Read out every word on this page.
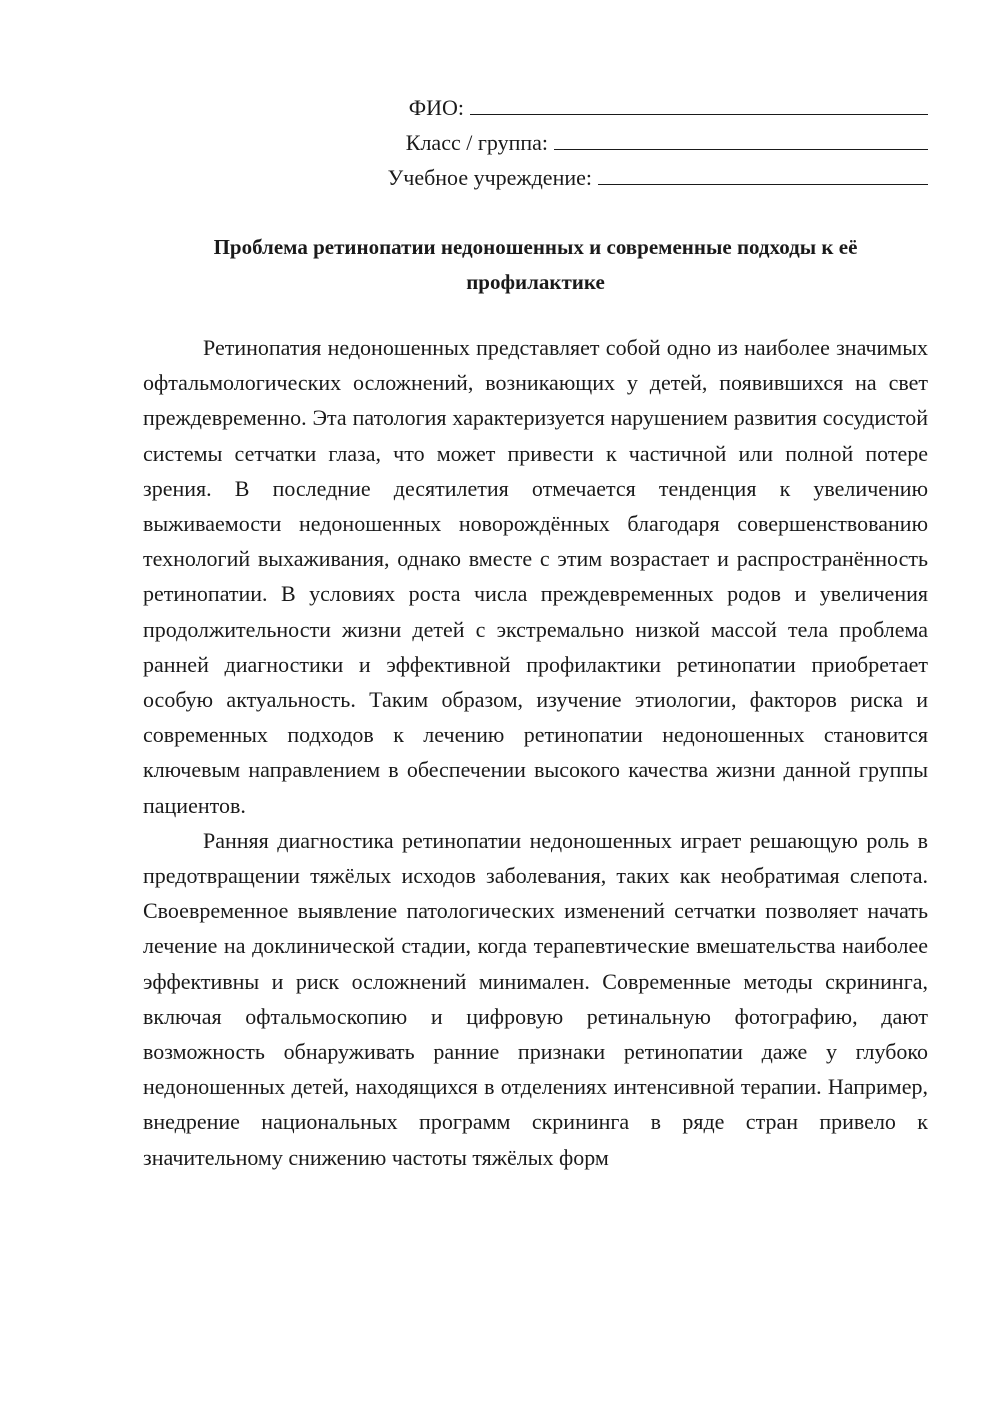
ФИО:
Класс / группа:
Учебное учреждение:
Проблема ретинопатии недоношенных и современные подходы к её
профилактике

Ретинопатия недоношенных представляет собой одно из наиболее значимых офтальмологических осложнений, возникающих у детей, появившихся на свет преждевременно. Эта патология характеризуется нарушением развития сосудистой системы сетчатки глаза, что может привести к частичной или полной потере зрения. В последние десятилетия отмечается тенденция к увеличению выживаемости недоношенных новорождённых благодаря совершенствованию технологий выхаживания, однако вместе с этим возрастает и распространённость ретинопатии. В условиях роста числа преждевременных родов и увеличения продолжительности жизни детей с экстремально низкой массой тела проблема ранней диагностики и эффективной профилактики ретинопатии приобретает особую актуальность. Таким образом, изучение этиологии, факторов риска и современных подходов к лечению ретинопатии недоношенных становится ключевым направлением в обеспечении высокого качества жизни данной группы пациентов.

Ранняя диагностика ретинопатии недоношенных играет решающую роль в предотвращении тяжёлых исходов заболевания, таких как необратимая слепота. Своевременное выявление патологических изменений сетчатки позволяет начать лечение на доклинической стадии, когда терапевтические вмешательства наиболее эффективны и риск осложнений минимален. Современные методы скрининга, включая офтальмоскопию и цифровую ретинальную фотографию, дают возможность обнаруживать ранние признаки ретинопатии даже у глубоко недоношенных детей, находящихся в отделениях интенсивной терапии. Например, внедрение национальных программ скрининга в ряде стран привело к значительному снижению частоты тяжёлых форм
